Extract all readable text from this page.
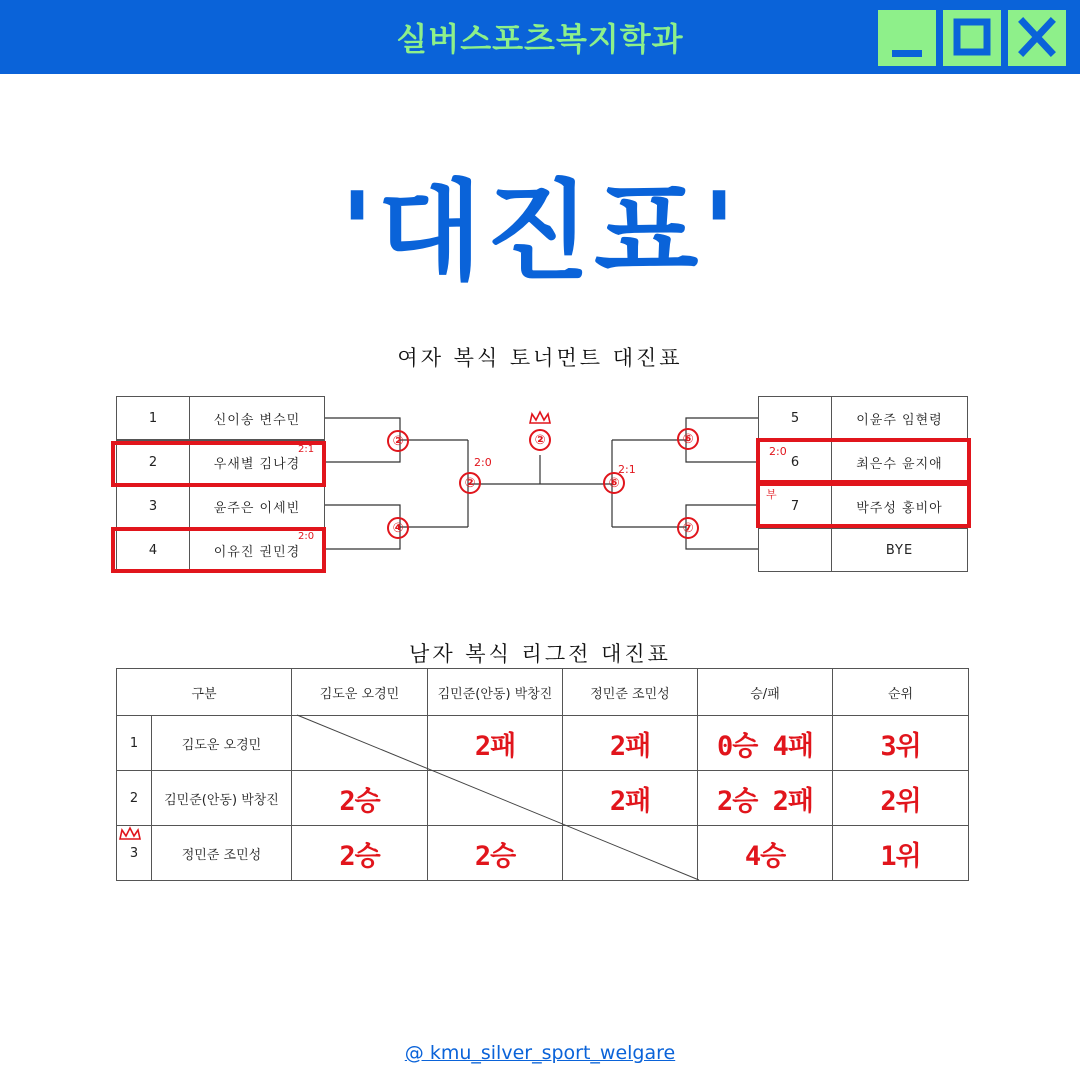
실버스포츠복지학과
'대진표'
여자 복식 토너먼트 대진표
1	신이송 변수민
2	우새별 김나경
3	윤주은 이세빈
4	이유진 권민경
5	이윤주 임현령
6	최은수 윤지애
7	박주성 홍비아
BYE
2:1
2:0
2:0
부
2:0
2:1
②
④
②
⑥
⑥
⑦
②
남자 복식 리그전 대진표
구분		김도운 오경민	김민준(안동) 박창진	정민준 조민성	승/패	순위
1	김도운 오경민		2패	2패	0승 4패	3위
2	김민준(안동) 박창진	2승		2패	2승 2패	2위
3	정민준 조민성	2승	2승		4승	1위
@ kmu_silver_sport_welgare
